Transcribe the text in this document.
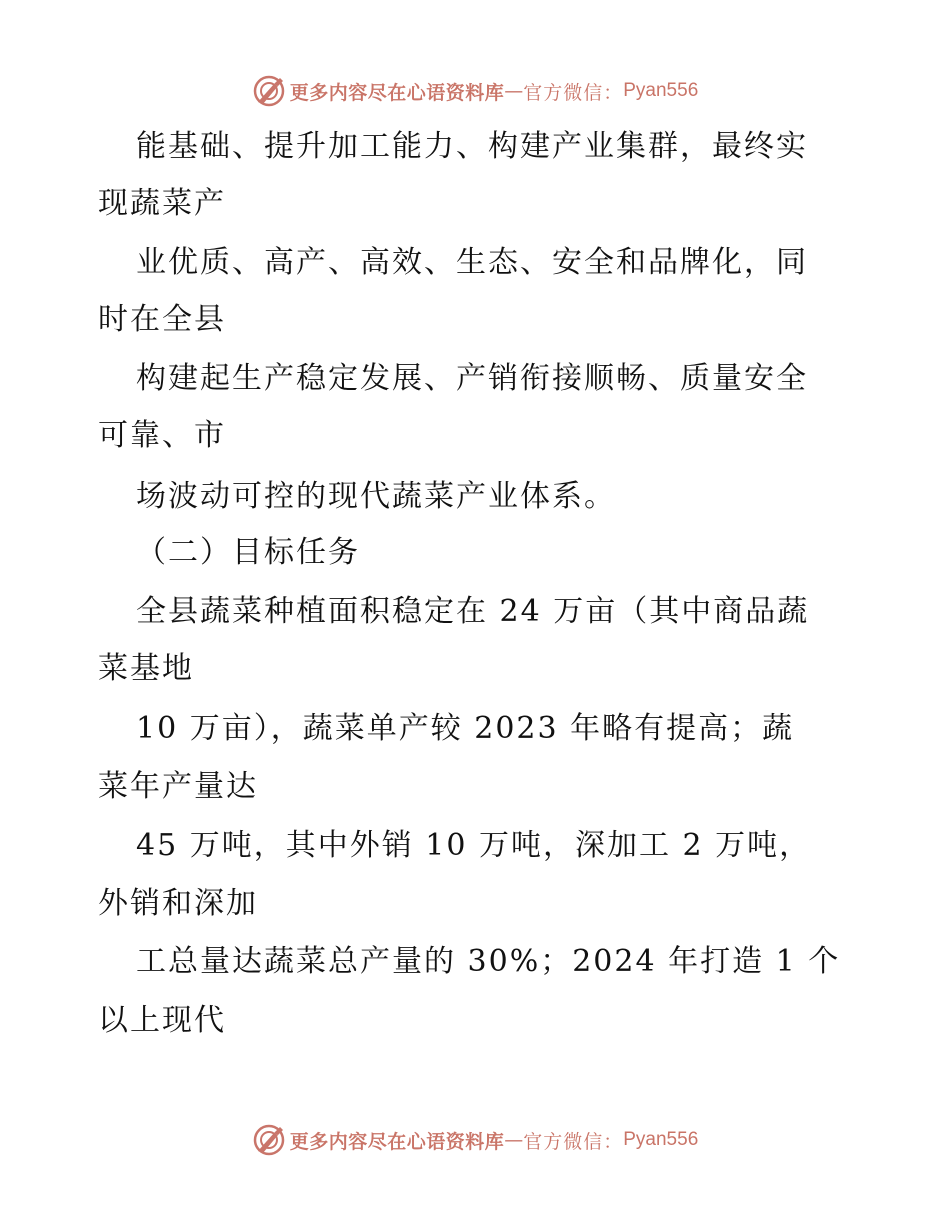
更多内容尽在心语资料库 — 官方微信： Pyan556
能基础、提升加工能力、构建产业集群，最终实
现蔬菜产
业优质、高产、高效、生态、安全和品牌化，同
时在全县
构建起生产稳定发展、产销衔接顺畅、质量安全
可靠、市
场波动可控的现代蔬菜产业体系。
（二）目标任务
全县蔬菜种植面积稳定在 24 万亩（其中商品蔬
菜基地
10 万亩），蔬菜单产较 2023 年略有提高；蔬
菜年产量达
45 万吨，其中外销 10 万吨，深加工 2 万吨，
外销和深加
工总量达蔬菜总产量的 30%；2024 年打造 1 个
以上现代
更多内容尽在心语资料库 — 官方微信： Pyan556
